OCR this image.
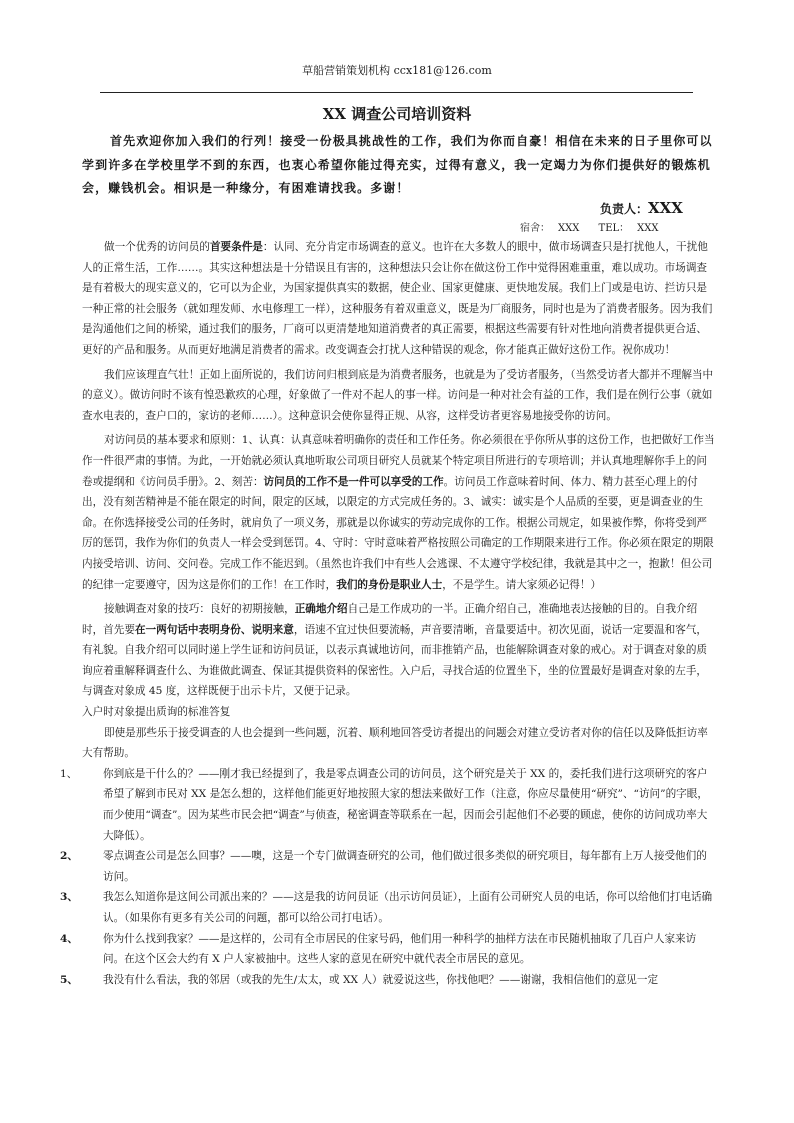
草船营销策划机构 ccx181@126.com
XX 调查公司培训资料

首先欢迎你加入我们的行列！接受一份极具挑战性的工作，我们为你而自豪！相信在未来的日子里你可以学到许多在学校里学不到的东西，也衷心希望你能过得充实，过得有意义，我一定竭力为你们提供好的锻炼机会，赚钱机会。相识是一种缘分，有困难请找我。多谢！

负责人：XXX
宿舍： XXX TEL： XXX

做一个优秀的访问员的首要条件是：认同、充分肯定市场调查的意义。也许在大多数人的眼中，做市场调查只是打扰他人，干扰他人的正常生活，工作……。其实这种想法是十分错误且有害的，这种想法只会让你在做这份工作中觉得困难重重，难以成功。市场调查是有着极大的现实意义的，它可以为企业，为国家提供真实的数据，使企业、国家更健康、更快地发展。我们上门或是电访、拦访只是一种正常的社会服务（就如理发师、水电修理工一样），这种服务有着双重意义，既是为厂商服务，同时也是为了消费者服务。因为我们是沟通他们之间的桥梁，通过我们的服务，厂商可以更清楚地知道消费者的真正需要，根据这些需要有针对性地向消费者提供更合适、更好的产品和服务。从而更好地满足消费者的需求。改变调查会打扰人这种错误的观念，你才能真正做好这份工作。祝你成功！

我们应该理直气壮！正如上面所说的，我们访问归根到底是为消费者服务，也就是为了受访者服务，（当然受访者大都并不理解当中的意义）。做访问时不该有惶恐歉疚的心理，好象做了一件对不起人的事一样。访问是一种对社会有益的工作，我们是在例行公事（就如查水电表的，查户口的，家访的老师……）。这种意识会使你显得正规、从容，这样受访者更容易地接受你的访问。

对访问员的基本要求和原则：1、认真：认真意味着明确你的责任和工作任务。你必须很在乎你所从事的这份工作，也把做好工作当作一件很严肃的事情。为此，一开始就必须认真地听取公司项目研究人员就某个特定项目所进行的专项培训；并认真地理解你手上的问卷或提纲和《访问员手册》。2、刻苦：访问员的工作不是一件可以享受的工作。访问员工作意味着时间、体力、精力甚至心理上的付出，没有刻苦精神是不能在限定的时间，限定的区域，以限定的方式完成任务的。3、诚实：诚实是个人品质的至要，更是调查业的生命。在你选择接受公司的任务时，就肩负了一项义务，那就是以你诚实的劳动完成你的工作。根据公司规定，如果被作弊，你将受到严厉的惩罚，我作为你们的负责人一样会受到惩罚。4、守时：守时意味着严格按照公司确定的工作期限来进行工作。你必须在限定的期限内接受培训、访问、交问卷。完成工作不能迟到。（虽然也许我们中有些人会逃课、不太遵守学校纪律，我就是其中之一，抱歉！但公司的纪律一定要遵守，因为这是你们的工作！在工作时，我们的身份是职业人士，不是学生。请大家须必记得！）

接触调查对象的技巧：良好的初期接触，正确地介绍自己是工作成功的一半。正确介绍自己，准确地表达接触的目的。自我介绍时，首先要在一两句话中表明身份、说明来意，语速不宜过快但要流畅，声音要清晰，音量要适中。初次见面，说话一定要温和客气，有礼貌。自我介绍可以同时递上学生证和访问员证，以表示真诚地访问，而非推销产品，也能解除调查对象的戒心。对于调查对象的质询应着重解释调查什么、为谁做此调查、保证其提供资料的保密性。入户后，寻找合适的位置坐下，坐的位置最好是调查对象的左手，与调查对象成 45 度，这样既便于出示卡片，又便于记录。

入户时对象提出质询的标准答复

即使是那些乐于接受调查的人也会提到一些问题，沉着、顺利地回答受访者提出的问题会对建立受访者对你的信任以及降低拒访率大有帮助。

1、	你到底是干什么的？——刚才我已经提到了，我是零点调查公司的访问员，这个研究是关于 XX 的，委托我们进行这项研究的客户希望了解到市民对 XX 是怎么想的，这样他们能更好地按照大家的想法来做好工作（注意，你应尽量使用“研究”、“访问”的字眼，而少使用“调查”。因为某些市民会把“调查”与侦查，秘密调查等联系在一起，因而会引起他们不必要的顾虑，使你的访问成功率大大降低）。
2、	零点调查公司是怎么回事？——噢，这是一个专门做调查研究的公司，他们做过很多类似的研究项目，每年都有上万人接受他们的访问。
3、	我怎么知道你是这间公司派出来的？——这是我的访问员证（出示访问员证），上面有公司研究人员的电话，你可以给他们打电话确认。（如果你有更多有关公司的问题，都可以给公司打电话）。
4、	你为什么找到我家？——是这样的，公司有全市居民的住家号码，他们用一种科学的抽样方法在市民随机抽取了几百户人家来访问。在这个区会大约有 X 户人家被抽中。这些人家的意见在研究中就代表全市居民的意见。
5、	我没有什么看法，我的邻居（或我的先生/太太，或 XX 人）就爱说这些，你找他吧？——谢谢，我相信他们的意见一定
